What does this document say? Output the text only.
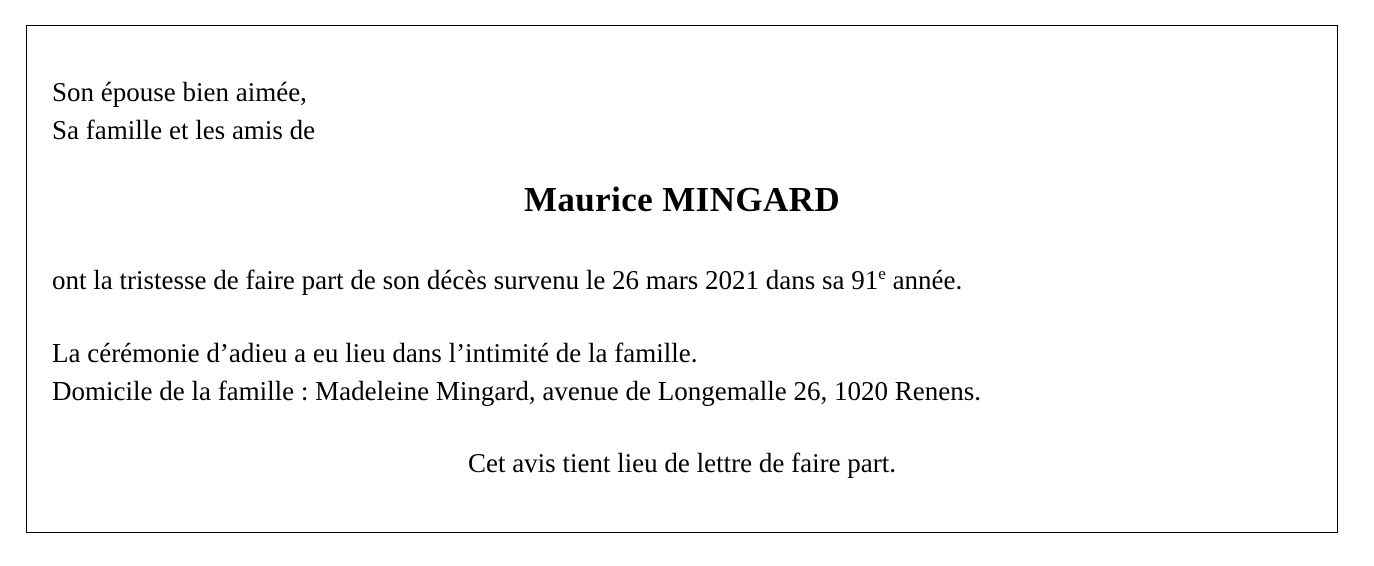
Son épouse bien aimée,
Sa famille et les amis de
Maurice MINGARD
ont la tristesse de faire part de son décès survenu le 26 mars 2021 dans sa 91e année.
La cérémonie d’adieu a eu lieu dans l’intimité de la famille.
Domicile de la famille : Madeleine Mingard, avenue de Longemalle 26, 1020 Renens.
Cet avis tient lieu de lettre de faire part.
